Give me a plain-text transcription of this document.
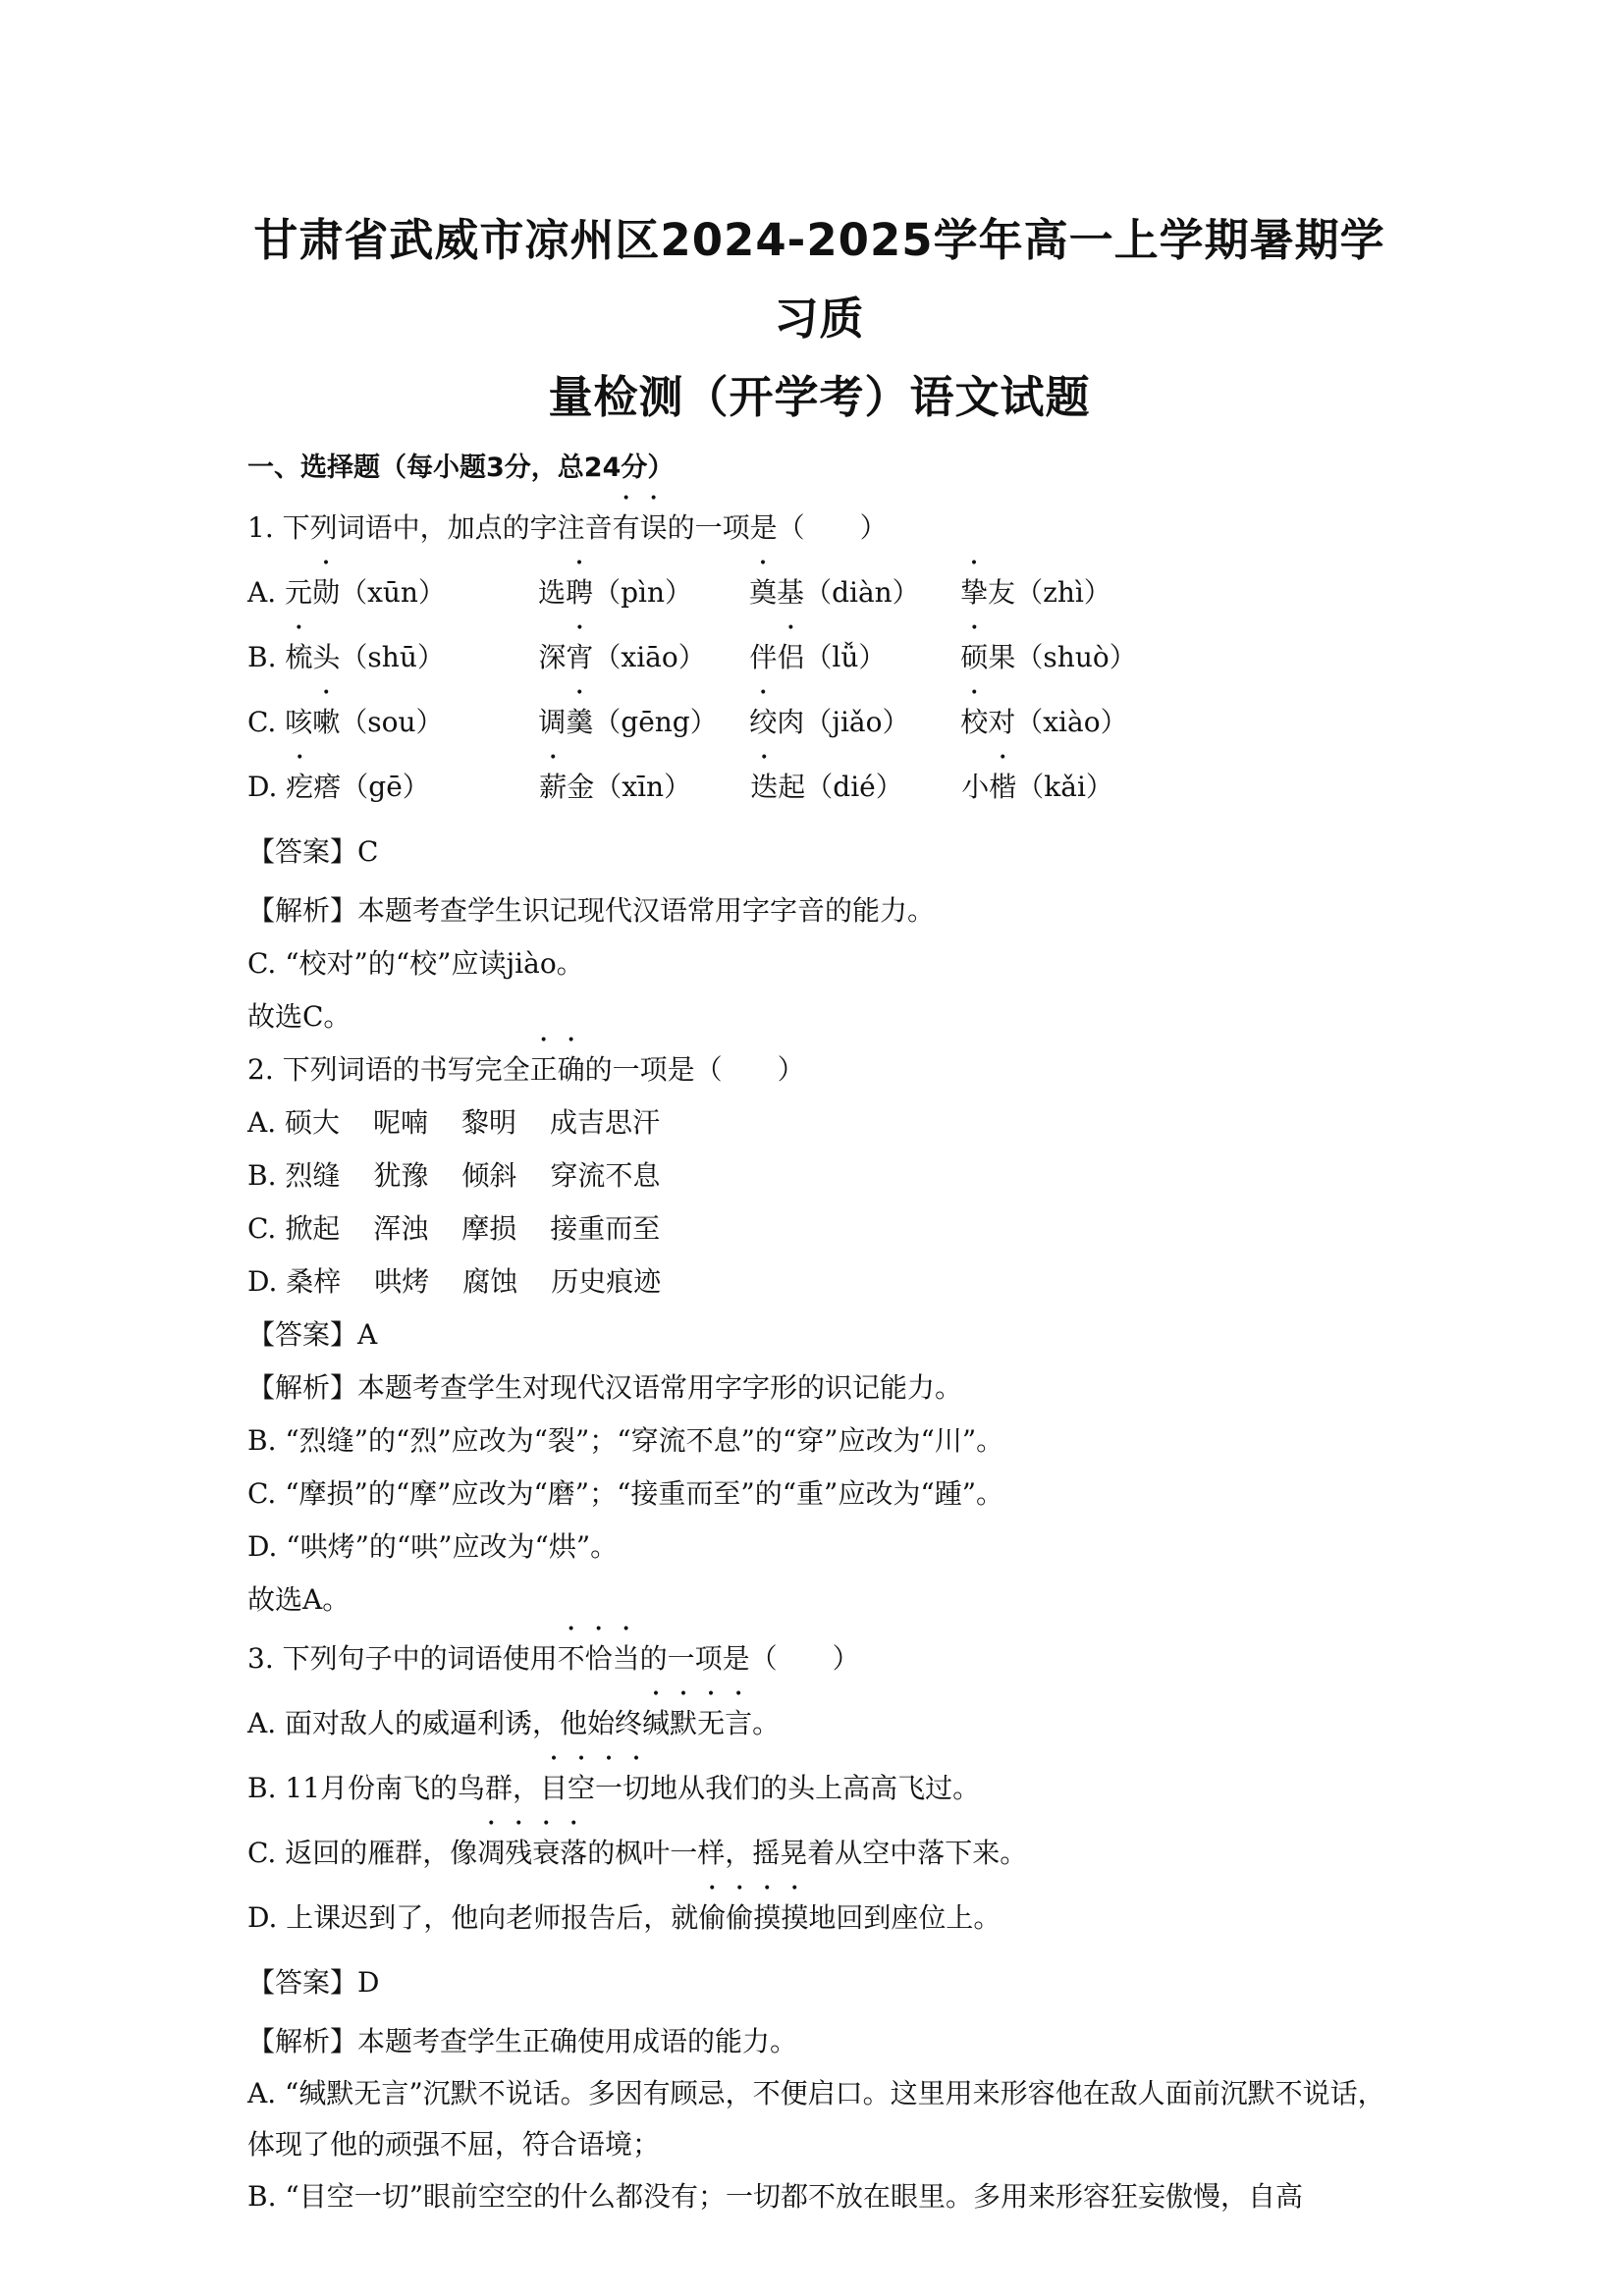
甘肃省武威市凉州区2024-2025学年高一上学期暑期学习质
量检测（开学考）语文试题
一、选择题（每小题3分，总24分）
1. 下列词语中，加点的字注音有误的一项是（　　）
A. 元勋（xūn）	选聘（pìn） 奠基（diàn） 挚友（zhì）
B. 梳头（shū）	深宵（xiāo） 伴侣（lǚ）	硕果（shuò）
C. 咳嗽（sou）	调羹（gēng） 绞肉（jiǎo） 校对（xiào）
D. 疙瘩（gē）	薪金（xīn） 迭起（dié） 小楷（kǎi）
【答案】C
【解析】本题考查学生识记现代汉语常用字字音的能力。
C. “校对”的“校”应读jiào。
故选C。
2. 下列词语的书写完全正确的一项是（　　）
A. 硕大 呢喃 黎明 成吉思汗
B. 烈缝 犹豫 倾斜 穿流不息
C. 掀起 浑浊 摩损 接重而至
D. 桑梓 哄烤 腐蚀 历史痕迹
【答案】A
【解析】本题考查学生对现代汉语常用字字形的识记能力。
B. “烈缝”的“烈”应改为“裂”；“穿流不息”的“穿”应改为“川”。
C. “摩损”的“摩”应改为“磨”；“接重而至”的“重”应改为“踵”。
D. “哄烤”的“哄”应改为“烘”。
故选A。
3. 下列句子中的词语使用不恰当的一项是（　　）
A. 面对敌人的威逼利诱，他始终缄默无言。
B. 11月份南飞的鸟群，目空一切地从我们的头上高高飞过。
C. 返回的雁群，像凋残衰落的枫叶一样，摇晃着从空中落下来。
D. 上课迟到了，他向老师报告后，就偷偷摸摸地回到座位上。
【答案】D
【解析】本题考查学生正确使用成语的能力。
A. “缄默无言”沉默不说话。多因有顾忌，不便启口。这里用来形容他在敌人面前沉默不说话，体现了他的顽强不屈，符合语境；
B. “目空一切”眼前空空的什么都没有；一切都不放在眼里。多用来形容狂妄傲慢，自高
